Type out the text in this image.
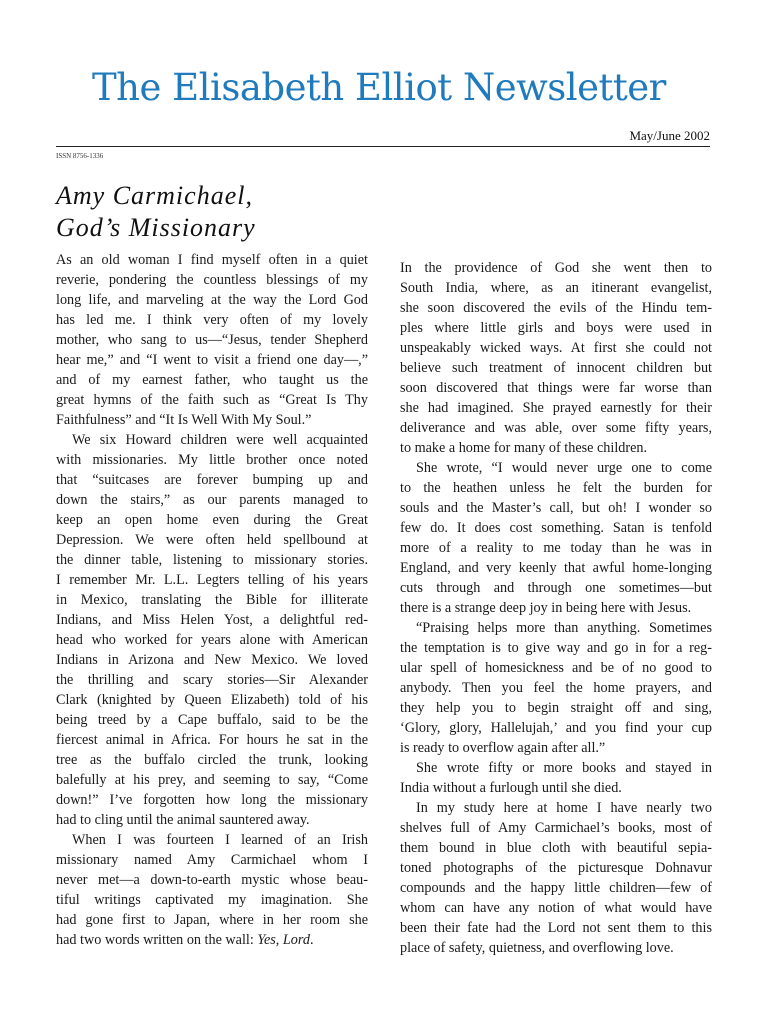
The Elisabeth Elliot Newsletter
May/June 2002
ISSN 8756-1336
Amy Carmichael,
God’s Missionary
As an old woman I find myself often in a quiet
reverie, pondering the countless blessings of my
long life, and marveling at the way the Lord God
has led me. I think very often of my lovely
mother, who sang to us—“Jesus, tender Shepherd
hear me,” and “I went to visit a friend one day—,”
and of my earnest father, who taught us the
great hymns of the faith such as “Great Is Thy
Faithfulness” and “It Is Well With My Soul.”
We six Howard children were well acquainted
with missionaries. My little brother once noted
that “suitcases are forever bumping up and
down the stairs,” as our parents managed to
keep an open home even during the Great
Depression. We were often held spellbound at
the dinner table, listening to missionary stories.
I remember Mr. L.L. Legters telling of his years
in Mexico, translating the Bible for illiterate
Indians, and Miss Helen Yost, a delightful red-
head who worked for years alone with American
Indians in Arizona and New Mexico. We loved
the thrilling and scary stories—Sir Alexander
Clark (knighted by Queen Elizabeth) told of his
being treed by a Cape buffalo, said to be the
fiercest animal in Africa. For hours he sat in the
tree as the buffalo circled the trunk, looking
balefully at his prey, and seeming to say, “Come
down!” I’ve forgotten how long the missionary
had to cling until the animal sauntered away.
When I was fourteen I learned of an Irish
missionary named Amy Carmichael whom I
never met—a down-to-earth mystic whose beau-
tiful writings captivated my imagination. She
had gone first to Japan, where in her room she
had two words written on the wall: Yes, Lord.
In the providence of God she went then to
South India, where, as an itinerant evangelist,
she soon discovered the evils of the Hindu tem-
ples where little girls and boys were used in
unspeakably wicked ways. At first she could not
believe such treatment of innocent children but
soon discovered that things were far worse than
she had imagined. She prayed earnestly for their
deliverance and was able, over some fifty years,
to make a home for many of these children.
She wrote, “I would never urge one to come
to the heathen unless he felt the burden for
souls and the Master’s call, but oh! I wonder so
few do. It does cost something. Satan is tenfold
more of a reality to me today than he was in
England, and very keenly that awful home-longing
cuts through and through one sometimes—but
there is a strange deep joy in being here with Jesus.
“Praising helps more than anything. Sometimes
the temptation is to give way and go in for a reg-
ular spell of homesickness and be of no good to
anybody. Then you feel the home prayers, and
they help you to begin straight off and sing,
‘Glory, glory, Hallelujah,’ and you find your cup
is ready to overflow again after all.”
She wrote fifty or more books and stayed in
India without a furlough until she died.
In my study here at home I have nearly two
shelves full of Amy Carmichael’s books, most of
them bound in blue cloth with beautiful sepia-
toned photographs of the picturesque Dohnavur
compounds and the happy little children—few of
whom can have any notion of what would have
been their fate had the Lord not sent them to this
place of safety, quietness, and overflowing love.
